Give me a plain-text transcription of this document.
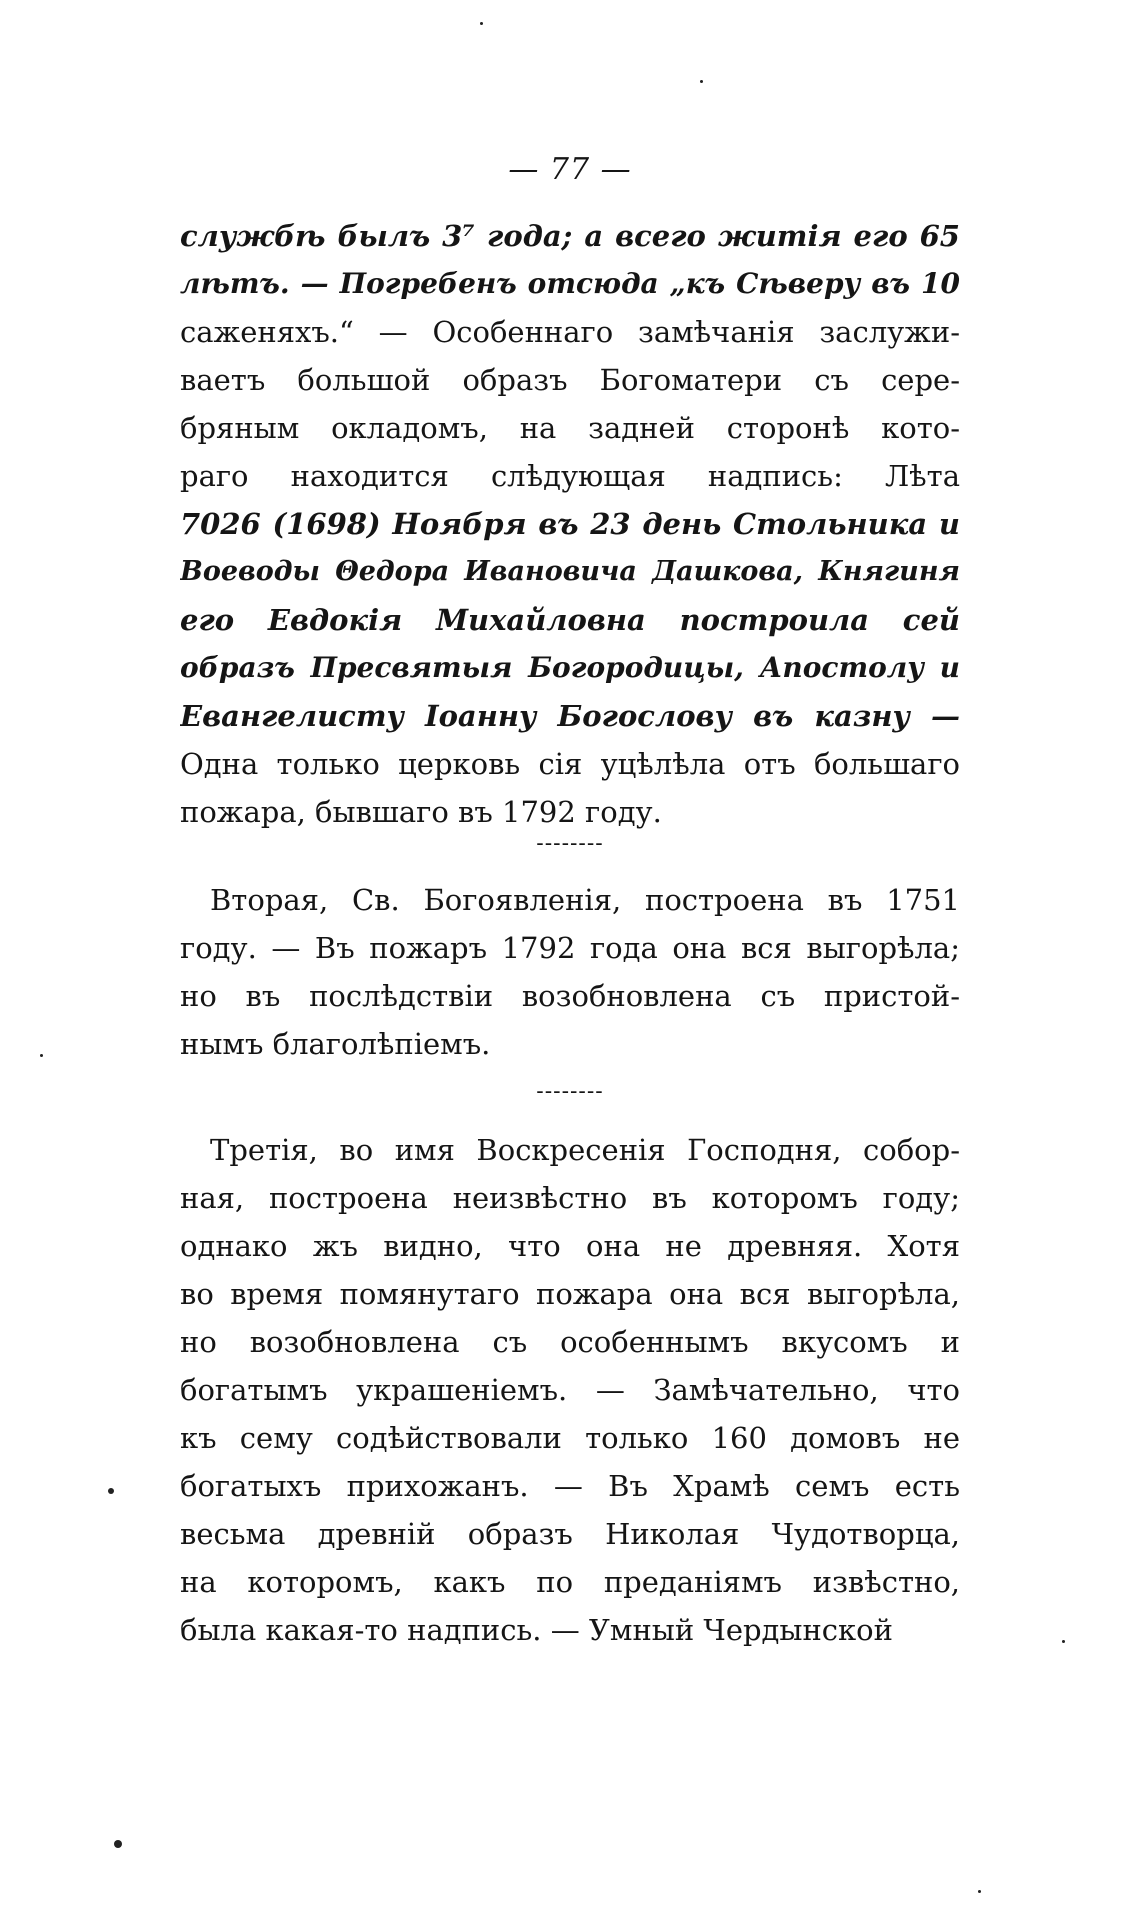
— 77 —
службѣ былъ 3⁷ года; а всего житія его 65
лѣтъ. — Погребенъ отсюда „къ Сѣверу въ 10
саженяхъ.“ — Особеннаго замѣчанія заслужи-
ваетъ большой образъ Богоматери съ сере-
бряным окладомъ, на задней сторонѣ кото-
раго находится слѣдующая надпись: Лѣта
7026 (1698) Ноября въ 23 день Стольника и
Воеводы Θедора Ивановича Дашкова, Княгиня
его Евдокія Михайловна построила сей
образъ Пресвятыя Богородицы, Апостолу и
Евангелисту Іоанну Богослову въ казну —
Одна только церковь сія уцѣлѣла отъ большаго
пожара, бывшаго въ 1792 году.
--------
Вторая, Св. Богоявленія, построена въ 1751
году. — Въ пожаръ 1792 года она вся выгорѣла;
но въ послѣдствіи возобновлена съ пристой-
нымъ благолѣпіемъ.
--------
Третія, во имя Воскресенія Господня, собор-
ная, построена неизвѣстно въ которомъ году;
однако жъ видно, что она не древняя. Хотя
во время помянутаго пожара она вся выгорѣла,
но возобновлена съ особеннымъ вкусомъ и
богатымъ украшеніемъ. — Замѣчательно, что
къ сему содѣйствовали только 160 домовъ не
богатыхъ прихожанъ. — Въ Храмѣ семъ есть
весьма древній образъ Николая Чудотворца,
на которомъ, какъ по преданіямъ извѣстно,
была какая-то надпись. — Умный Чердынской
